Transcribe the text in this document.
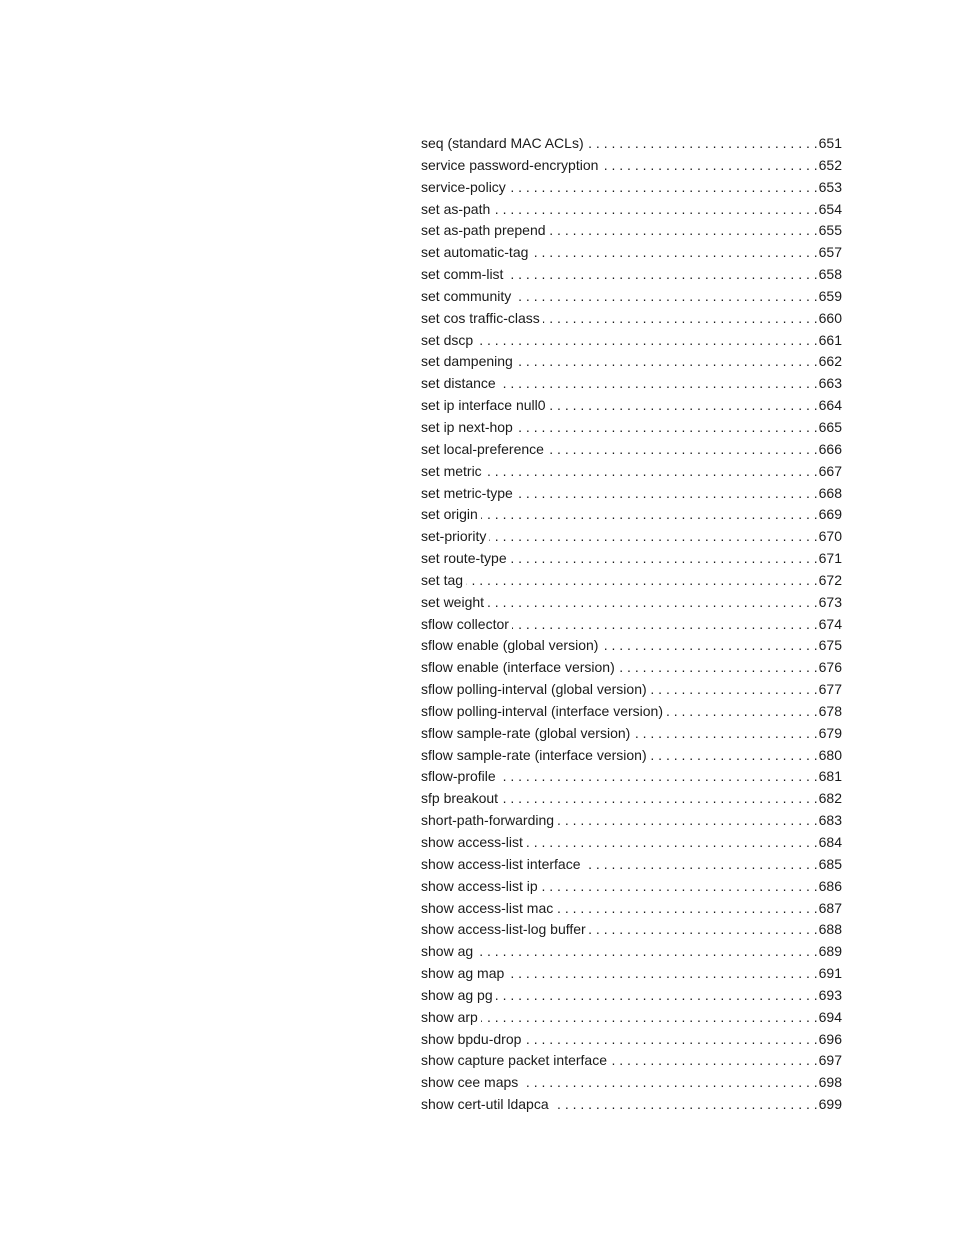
seq (standard MAC ACLs) . . .	651
service password-encryption . . .	652
service-policy . . .	653
set as-path . . .	654
set as-path prepend . . .	655
set automatic-tag . . .	657
set comm-list . . .	658
set community . . .	659
set cos traffic-class . . .	660
set dscp . . .	661
set dampening . . .	662
set distance . . .	663
set ip interface null0 . . .	664
set ip next-hop . . .	665
set local-preference . . .	666
set metric . . .	667
set metric-type . . .	668
set origin . . .	669
set-priority . . .	670
set route-type . . .	671
set tag . . .	672
set weight . . .	673
sflow collector . . .	674
sflow enable (global version) . . .	675
sflow enable (interface version) . . .	676
sflow polling-interval (global version) . . .	677
sflow polling-interval (interface version) . . .	678
sflow sample-rate (global version) . . .	679
sflow sample-rate (interface version) . . .	680
sflow-profile . . .	681
sfp breakout . . .	682
short-path-forwarding . . .	683
show access-list . . .	684
show access-list interface . . .	685
show access-list ip . . .	686
show access-list mac . . .	687
show access-list-log buffer . . .	688
show ag . . .	689
show ag map . . .	691
show ag pg . . .	693
show arp . . .	694
show bpdu-drop . . .	696
show capture packet interface . . .	697
show cee maps . . .	698
show cert-util ldapca . . .	699
